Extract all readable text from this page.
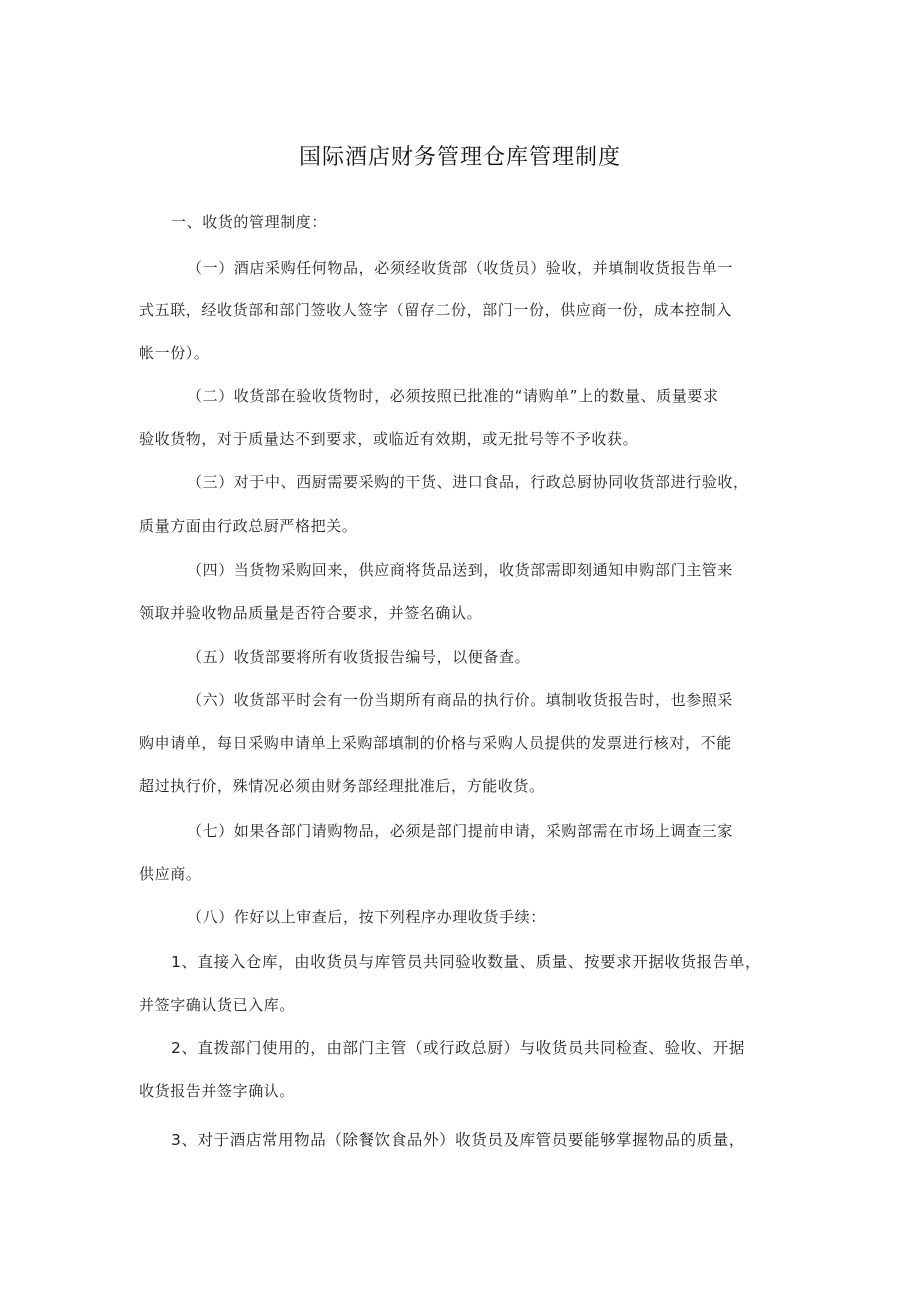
国际酒店财务管理仓库管理制度
一、收货的管理制度：
（一）酒店采购任何物品，必须经收货部（收货员）验收，并填制收货报告单一
式五联，经收货部和部门签收人签字（留存二份，部门一份，供应商一份，成本控制入
帐一份）。
（二）收货部在验收货物时，必须按照已批准的“请购单”上的数量、质量要求
验收货物，对于质量达不到要求，或临近有效期，或无批号等不予收获。
（三）对于中、西厨需要采购的干货、进口食品，行政总厨协同收货部进行验收，
质量方面由行政总厨严格把关。
（四）当货物采购回来，供应商将货品送到，收货部需即刻通知申购部门主管来
领取并验收物品质量是否符合要求，并签名确认。
（五）收货部要将所有收货报告编号，以便备查。
（六）收货部平时会有一份当期所有商品的执行价。填制收货报告时，也参照采
购申请单，每日采购申请单上采购部填制的价格与采购人员提供的发票进行核对，不能
超过执行价，殊情况必须由财务部经理批准后，方能收货。
（七）如果各部门请购物品，必须是部门提前申请，采购部需在市场上调查三家
供应商。
（八）作好以上审查后，按下列程序办理收货手续：
1、直接入仓库，由收货员与库管员共同验收数量、质量、按要求开据收货报告单，
并签字确认货已入库。
2、直拨部门使用的，由部门主管（或行政总厨）与收货员共同检查、验收、开据
收货报告并签字确认。
3、对于酒店常用物品（除餐饮食品外）收货员及库管员要能够掌握物品的质量，
